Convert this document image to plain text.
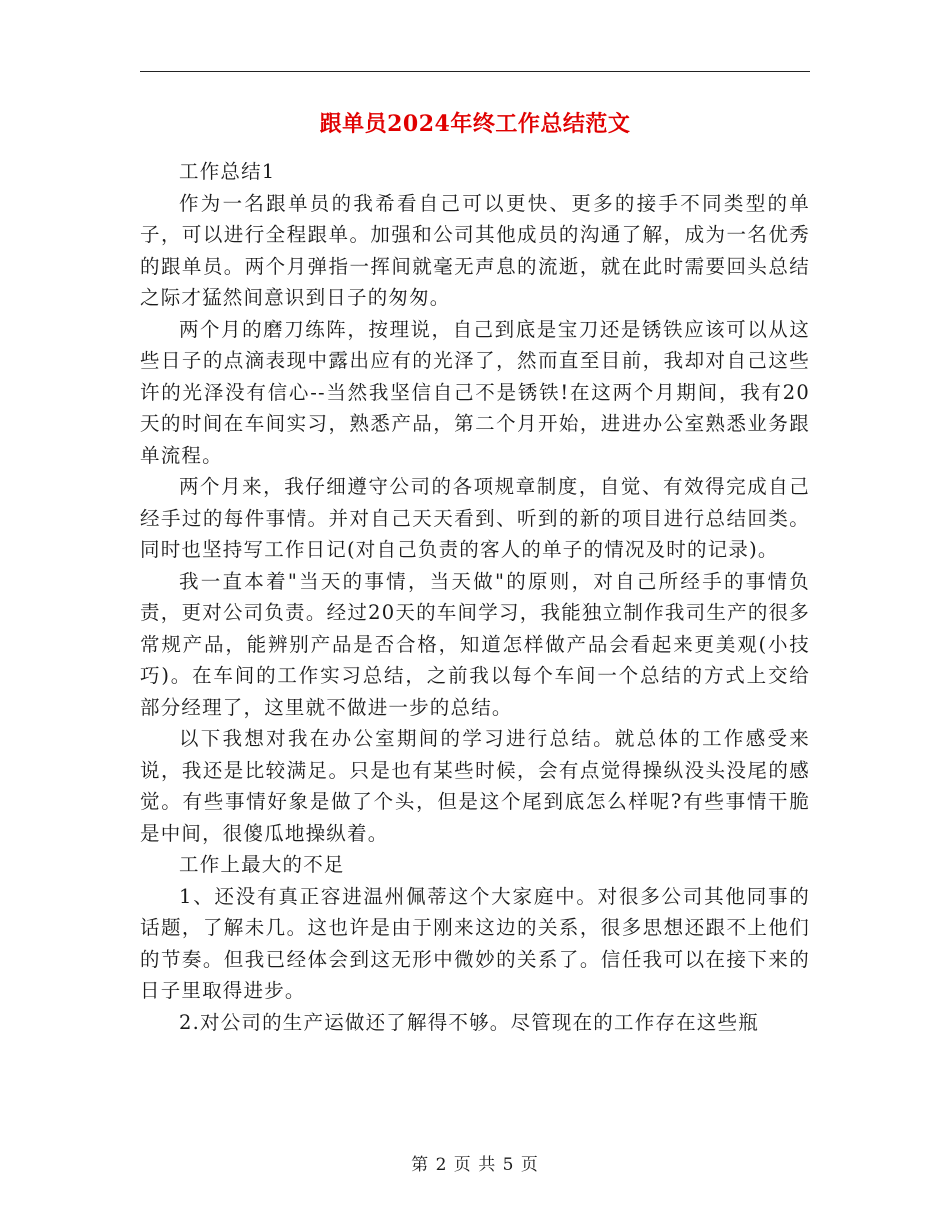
跟单员2024年终工作总结范文

工作总结1

作为一名跟单员的我希看自己可以更快、更多的接手不同类型的单子，可以进行全程跟单。加强和公司其他成员的沟通了解，成为一名优秀的跟单员。两个月弹指一挥间就毫无声息的流逝，就在此时需要回头总结之际才猛然间意识到日子的匆匆。

两个月的磨刀练阵，按理说，自己到底是宝刀还是锈铁应该可以从这些日子的点滴表现中露出应有的光泽了，然而直至目前，我却对自己这些许的光泽没有信心--当然我坚信自己不是锈铁!在这两个月期间，我有20天的时间在车间实习，熟悉产品，第二个月开始，进进办公室熟悉业务跟单流程。

两个月来，我仔细遵守公司的各项规章制度，自觉、有效得完成自己经手过的每件事情。并对自己天天看到、听到的新的项目进行总结回类。同时也坚持写工作日记(对自己负责的客人的单子的情况及时的记录)。

我一直本着"当天的事情，当天做"的原则，对自己所经手的事情负责，更对公司负责。经过20天的车间学习，我能独立制作我司生产的很多常规产品，能辨别产品是否合格，知道怎样做产品会看起来更美观(小技巧)。在车间的工作实习总结，之前我以每个车间一个总结的方式上交给部分经理了，这里就不做进一步的总结。

以下我想对我在办公室期间的学习进行总结。就总体的工作感受来说，我还是比较满足。只是也有某些时候，会有点觉得操纵没头没尾的感觉。有些事情好象是做了个头，但是这个尾到底怎么样呢?有些事情干脆是中间，很傻瓜地操纵着。

工作上最大的不足

1、还没有真正容进温州佩蒂这个大家庭中。对很多公司其他同事的话题，了解未几。这也许是由于刚来这边的关系，很多思想还跟不上他们的节奏。但我已经体会到这无形中微妙的关系了。信任我可以在接下来的日子里取得进步。

2.对公司的生产运做还了解得不够。尽管现在的工作存在这些瓶

第 2 页 共 5 页
